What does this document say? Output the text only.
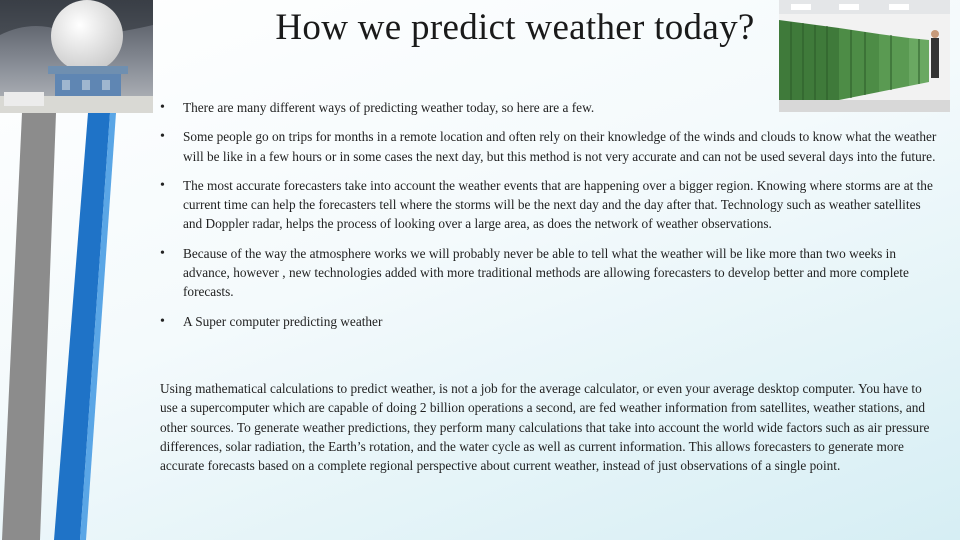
How we predict weather today?
• There are many different ways of predicting weather today, so here are a few.
• Some people go on trips for months in a remote location and often rely on their knowledge of the winds and clouds to know what the weather will be like in a few hours or in some cases the next day, but this method is not very accurate and can not be used several days into the future.
• The most accurate forecasters take into account the weather events that are happening over a bigger region. Knowing where storms are at the current time can help the forecasters tell where the storms will be the next day and the day after that. Technology such as weather satellites and Doppler radar, helps the process of looking over a large area, as does the network of weather observations.
• Because of the way the atmosphere works we will probably never be able to tell what the weather will be like more than two weeks in advance, however , new technologies added with more traditional methods are allowing forecasters to develop better and more complete forecasts.
• A Super computer predicting weather

Using mathematical calculations to predict weather, is not a job for the average calculator, or even your average desktop computer. You have to use a supercomputer which are capable of doing 2 billion operations a second, are fed weather information from satellites, weather stations, and other sources. To generate weather predictions, they perform many calculations that take into account the world wide factors such as air pressure differences, solar radiation, the Earth’s rotation, and the water cycle as well as current information. This allows forecasters to generate more accurate forecasts based on a complete regional perspective about current weather, instead of just observations of a single point.
